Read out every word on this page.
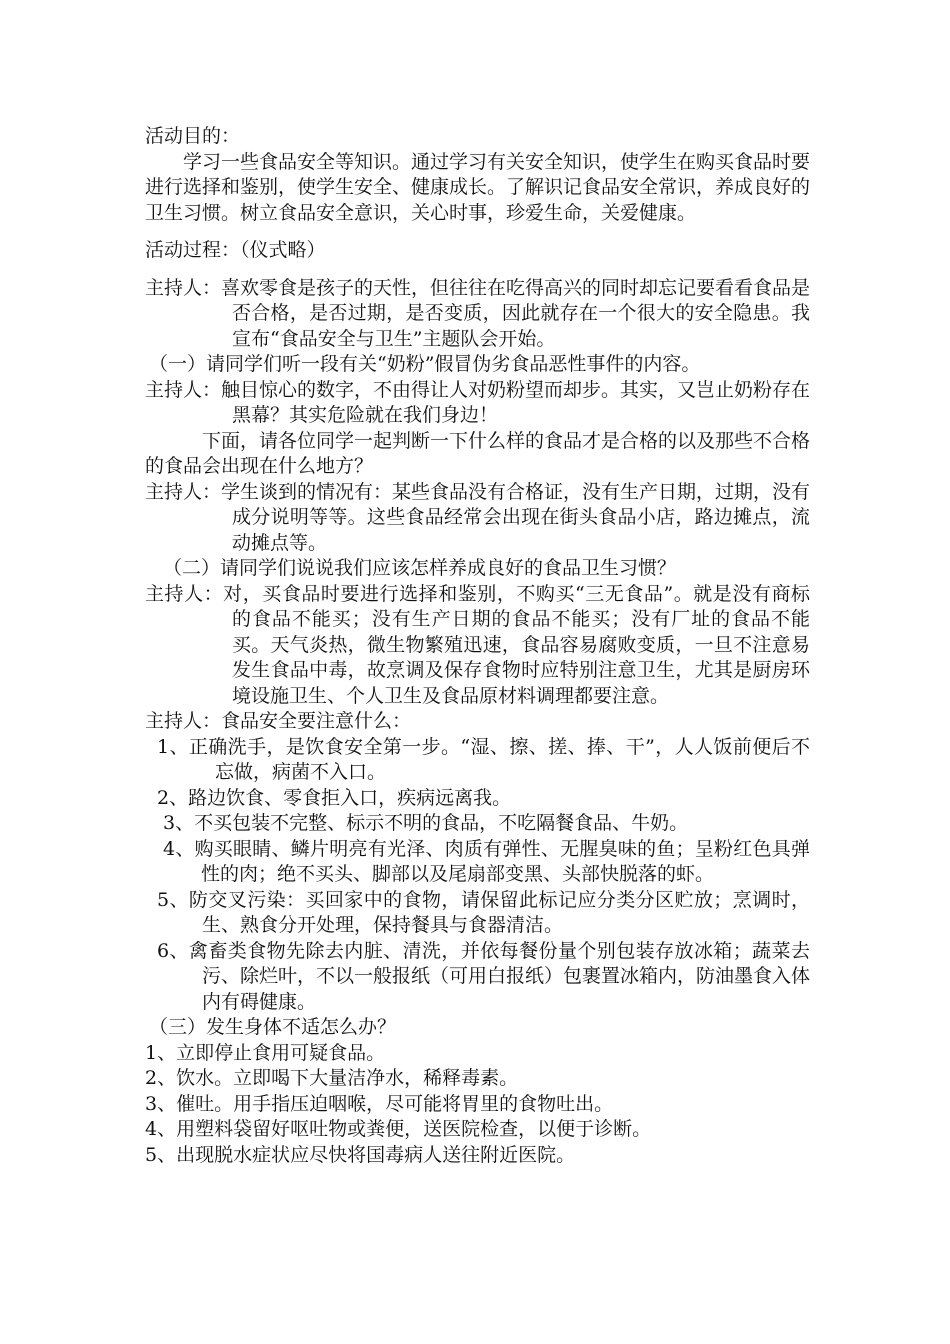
活动目的：

学习一些食品安全等知识。通过学习有关安全知识，使学生在购买食品时要进行选择和鉴别，使学生安全、健康成长。了解识记食品安全常识，养成良好的卫生习惯。树立食品安全意识，关心时事，珍爱生命，关爱健康。

活动过程：（仪式略）

主持人：喜欢零食是孩子的天性，但往往在吃得高兴的同时却忘记要看看食品是否合格，是否过期，是否变质，因此就存在一个很大的安全隐患。我宣布“食品安全与卫生”主题队会开始。

（一）请同学们听一段有关“奶粉”假冒伪劣食品恶性事件的内容。

主持人：触目惊心的数字，不由得让人对奶粉望而却步。其实，又岂止奶粉存在黑幕？其实危险就在我们身边！

下面，请各位同学一起判断一下什么样的食品才是合格的以及那些不合格的食品会出现在什么地方？

主持人：学生谈到的情况有：某些食品没有合格证，没有生产日期，过期，没有成分说明等等。这些食品经常会出现在街头食品小店，路边摊点，流动摊点等。

（二）请同学们说说我们应该怎样养成良好的食品卫生习惯？

主持人：对，买食品时要进行选择和鉴别，不购买“三无食品”。就是没有商标的食品不能买；没有生产日期的食品不能买；没有厂址的食品不能买。天气炎热，微生物繁殖迅速，食品容易腐败变质，一旦不注意易发生食品中毒，故烹调及保存食物时应特别注意卫生，尤其是厨房环境设施卫生、个人卫生及食品原材料调理都要注意。

主持人：食品安全要注意什么：

1、正确洗手，是饮食安全第一步。“湿、擦、搓、捧、干”，人人饭前便后不忘做，病菌不入口。

2、路边饮食、零食拒入口，疾病远离我。

3、不买包装不完整、标示不明的食品，不吃隔餐食品、牛奶。

4、购买眼睛、鳞片明亮有光泽、肉质有弹性、无腥臭味的鱼；呈粉红色具弹性的肉；绝不买头、脚部以及尾扇部变黑、头部快脱落的虾。

5、防交叉污染：买回家中的食物，请保留此标记应分类分区贮放；烹调时，生、熟食分开处理，保持餐具与食器清洁。

6、禽畜类食物先除去内脏、清洗，并依每餐份量个别包装存放冰箱；蔬菜去污、除烂叶，不以一般报纸（可用白报纸）包裹置冰箱内，防油墨食入体内有碍健康。

（三）发生身体不适怎么办？

1、立即停止食用可疑食品。

2、饮水。立即喝下大量洁净水，稀释毒素。

3、催吐。用手指压迫咽喉，尽可能将胃里的食物吐出。

4、用塑料袋留好呕吐物或粪便，送医院检查，以便于诊断。

5、出现脱水症状应尽快将国毒病人送往附近医院。
